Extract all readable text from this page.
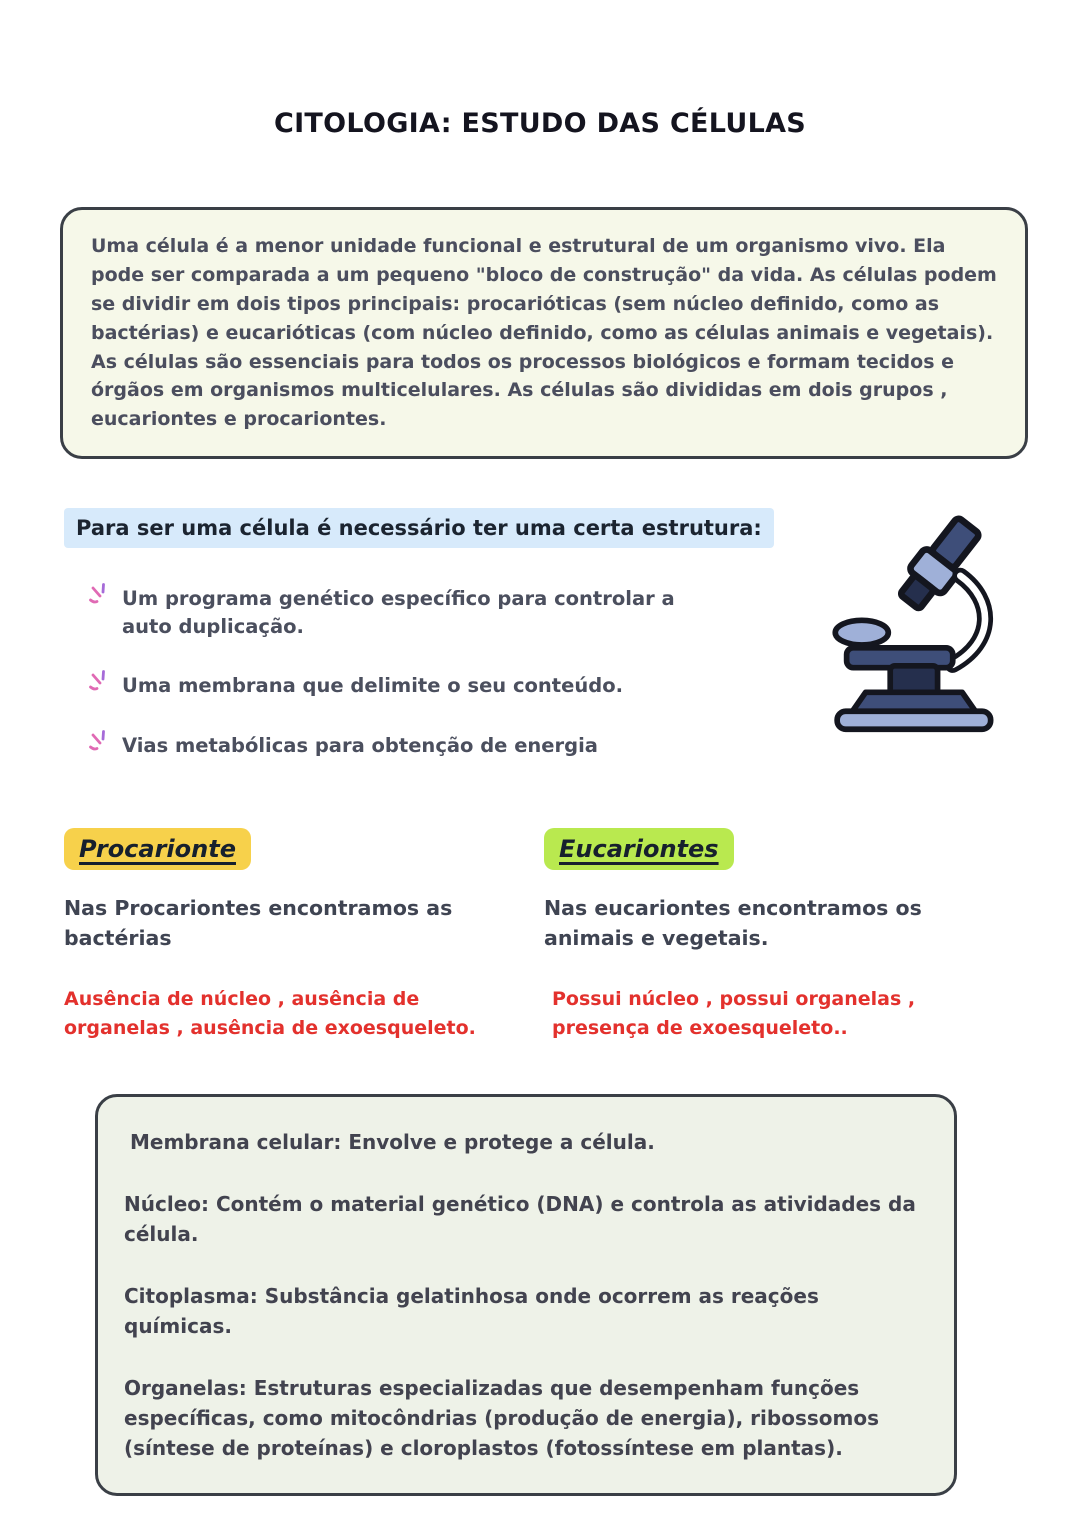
CITOLOGIA: ESTUDO DAS CÉLULAS

Uma célula é a menor unidade funcional e estrutural de um organismo vivo. Ela pode ser comparada a um pequeno "bloco de construção" da vida. As células podem se dividir em dois tipos principais: procarióticas (sem núcleo definido, como as bactérias) e eucarióticas (com núcleo definido, como as células animais e vegetais). As células são essenciais para todos os processos biológicos e formam tecidos e órgãos em organismos multicelulares. As células são divididas em dois grupos , eucariontes e procariontes.

Para ser uma célula é necessário ter uma certa estrutura:

Um programa genético específico para controlar a auto duplicação.
Uma membrana que delimite o seu conteúdo.
Vias metabólicas para obtenção de energia
Procarionte

Nas Procariontes encontramos as bactérias

Ausência de núcleo , ausência de organelas , ausência de exoesqueleto.

Eucariontes

Nas eucariontes encontramos os animais e vegetais.

Possui núcleo , possui organelas , presença de exoesqueleto..

Membrana celular: Envolve e protege a célula.

Núcleo: Contém o material genético (DNA) e controla as atividades da célula.

Citoplasma: Substância gelatinhosa onde ocorrem as reações químicas.

Organelas: Estruturas especializadas que desempenham funções específicas, como mitocôndrias (produção de energia), ribossomos (síntese de proteínas) e cloroplastos (fotossíntese em plantas).
